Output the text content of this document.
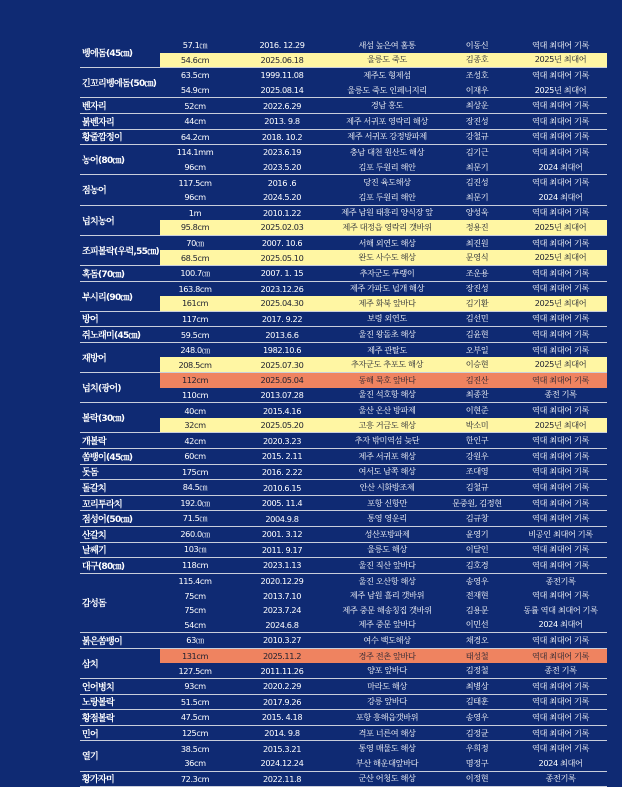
벵에돔(45㎝)
57.1㎝	2016. 12.29	새섬 높은여 홈통	이동신	역대 최대어 기록
54.6cm	2025.06.18	울릉도 죽도	김종호	2025년 최대어
긴꼬리벵에돔(50㎝)
63.5cm	1999.11.08	제주도 형제섬	조성호	역대 최대어 기록
54.9cm	2025.08.14	울릉도 죽도 인페니지리	이재우	2025년 최대어
벤자리	52cm	2022.6.29	경남 홍도	최상운	역대 최대어 기록
붉벤자리	44cm	2013. 9.8	제주 서귀포 영락리 해상	장진성	역대 최대어 기록
황줄깜정이	64.2cm	2018. 10.2	제주 서귀포 강정방파제	강철규	역대 최대어 기록
농어(80㎝)
114.1mm	2023.6.19	충남 대천 원산도 해상	김기근	역대 최대어 기록
96cm	2023.5.20	김포 두원리 해안	최문기	2024 최대어
점농어
117.5cm	2016 .6	당진 육도해상	김진성	역대 최대어 기록
96cm	2024.5.20	김포 두원리 해안	최문기	2024 최대어
넙치농어
1m	2010.1.22	제주 남원 태흥리 양식장 앞	양성욱	역대 최대어 기록
95.8cm	2025.02.03	제주 대정읍 영락리 갯바위	정용진	2025년 최대어
조피볼락(우럭,55㎝)
70㎝	2007. 10.6	서해 외연도 해상	최진원	역대 최대어 기록
68.5cm	2025.05.10	완도 사수도 해상	문영식	2025년 최대어
혹돔(70㎝)	100.7㎝	2007. 1. 15	추자군도 푸랭이	조운용	역대 최대어 기록
부시리(90㎝)
163.8cm	2023.12.26	제주 가파도 넙개 해상	장진성	역대 최대어 기록
161cm	2025.04.30	제주 화북 앞바다	김기환	2025년 최대어
방어	117cm	2017. 9.22	보령 외연도	김선민	역대 최대어 기록
쥐노래미(45㎝)	59.5cm	2013.6.6	울진 왕돌초 해상	김윤현	역대 최대어 기록
재방어
248.0㎝	1982.10.6	제주 관탈도	오부일	역대 최대어 기록
208.5cm	2025.07.30	추자군도 추포도 해상	이승현	2025년 최대어
넙치(광어)
112cm	2025.05.04	동해 묵호 앞바다	김진산	역대 최대어 기록
110cm	2013.07.28	울진 석호항 해상	최종찬	종전 기록
볼락(30㎝)
40cm	2015.4.16	울산 온산 방파제	이현준	역대 최대어 기록
32cm	2025.05.20	고흥 거금도 해상	박소미	2025년 최대어
개볼락	42cm	2020.3.23	추자 밖미역섬 늦단	한인구	역대 최대어 기록
쏨뱅이(45㎝)	60cm	2015. 2.11	제주 서귀포 해상	강원우	역대 최대어 기록
돗돔	175cm	2016. 2.22	여서도 남쪽 해상	조대영	역대 최대어 기록
돌갈치	84.5㎝	2010.6.15	안산 시화방조제	김철규	역대 최대어 기록
꼬리투라치	192.0㎝	2005. 11.4	포항 신항만	문중원, 김정현	역대 최대어 기록
점성어(50㎝)	71.5㎝	2004.9.8	통영 영운리	김규창	역대 최대어 기록
산갈치	260.0㎝	2001. 3.12	성산포방파제	윤영기	비공인 최대어 기록
날쌔기	103㎝	2011. 9.17	울릉도 해상	이달인	역대 최대어 기록
대구(80㎝)	118cm	2023.1.13	울진 직산 앞바다	김호경	역대 최대어 기록
감성돔
115.4cm	2020.12.29	울진 오산항 해상	송영우	종전기록
75cm	2013.7.10	제주 남원 흘리 갯바위	전재현	역대 최대어 기록
75cm	2023.7.24	제주 중문 해송칭집 갯바위	김용문	동률 역대 최대어 기록
54cm	2024.6.8	제주 중문 앞바다	이민선	2024 최대어
붉은쏨뱅이	63㎝	2010.3.27	여수 백도해상	채경오	역대 최대어 기록
삼치
131cm	2025.11.2	경주 전촌 앞바다	태성철	역대 최대어 기록
127.5cm	2011.11.26	양포 앞바다	김정철	종전 기록
언어병치	93cm	2020.2.29	마라도 해상	최병상	역대 최대어 기록
노랑볼락	51.5cm	2017.9.26	강릉 앞바다	김태훈	역대 최대어 기록
황점볼락	47.5cm	2015. 4.18	포항 흥해읍갯바위	송영우	역대 최대어 기록
민어	125cm	2014. 9.8	격포 너른여 해상	김정균	역대 최대어 기록
열기
38.5cm	2015.3.21	통영 매물도 해상	우희정	역대 최대어 기록
36cm	2024.12.24	부산 해운대앞바다	명정구	2024 최대어
황가자미	72.3cm	2022.11.8	군산 어청도 해상	이정현	종전기록
